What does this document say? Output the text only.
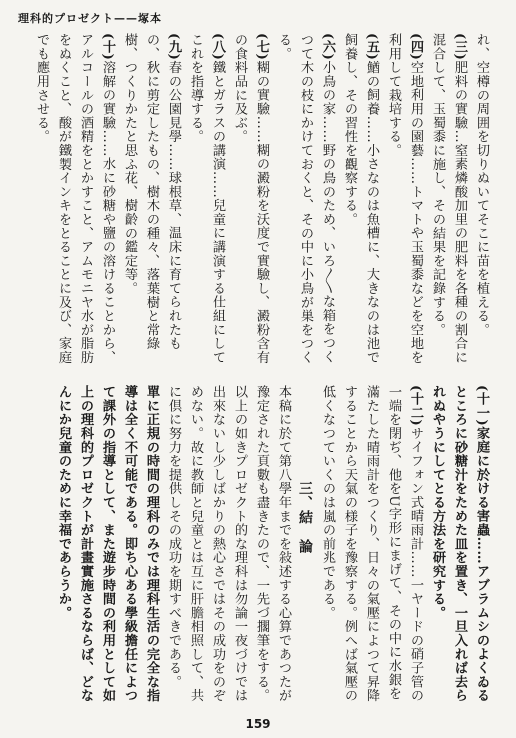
理科的プロゼクト——塚本

れ、空樽の周囲を切りぬいてそこに苗を植える。

(三)肥料の實驗…窒素燐酸加里の肥料を各種の割合に混合して、玉蜀黍に施し、その結果を記錄する。

(四)空地利用の園藝……トマトや玉蜀黍などを空地を利用して栽培する。

(五)鰌の飼養……小さなのは魚槽に、大きなのは池で飼養し、その習性を觀察する。

(六)小鳥の家……野の鳥のため、いろ〳〵な箱をつくつて木の枝にかけておくと、その中に小鳥が巣をつくる。

(七)糊の實驗……糊の澱粉を沃度で實驗し、澱粉含有の食料品に及ぶ。

(八)鐵とガラスの講演……兒童に講演する仕組にしてこれを指導する。

(九)春の公園見學……球根草、温床に育てられたもの、秋に剪定したもの、樹木の種々、落葉樹と常綠樹、つくりかたと思ふ花、樹齡の鑑定等。

(十)溶解の實驗……水に砂糖や鹽の溶けることから、アルコールの酒精をとかすこと、アムモニヤ水が脂肪をぬくこと、酸が鐵製インキをとることに及び、家庭でも應用させる。

(十一)家庭に於ける害蟲……アブラムシのよくゐるところに砂糖汁をためた皿を置き、一旦入れば去られぬやうにしてとる方法を研究する。

(十二)サイフォン式晴雨計……一ヤードの硝子管の一端を閉ぢ、他をU字形にまげて、その中に水銀を滿たした晴雨計をつくり、日々の氣壓によつて昇降することから天氣の様子を豫察する。例へば氣壓の低くなつていくのは嵐の前兆である。

三、結　論

本稿に於て第八學年までを敍述する心算であつたが豫定された頁數も盡きたので、一先づ擱筆をする。以上の如きプロゼクト的な理科は勿論一夜づけでは出來ないし少しばかりの熱心さではその成功をのぞめない。故に教師と兒童とは互に肝膽相照して、共に倶に努力を提供しその成功を期すべきである。

單に正規の時間の理科のみでは理科生活の完全な指導は全く不可能である。即ち心ある學級擔任によつて課外の指導として、また遊步時間の利用として如上の理科的プロゼクトが計畫實施さるならば、どなんにか兒童のために幸福であらうか。

159
